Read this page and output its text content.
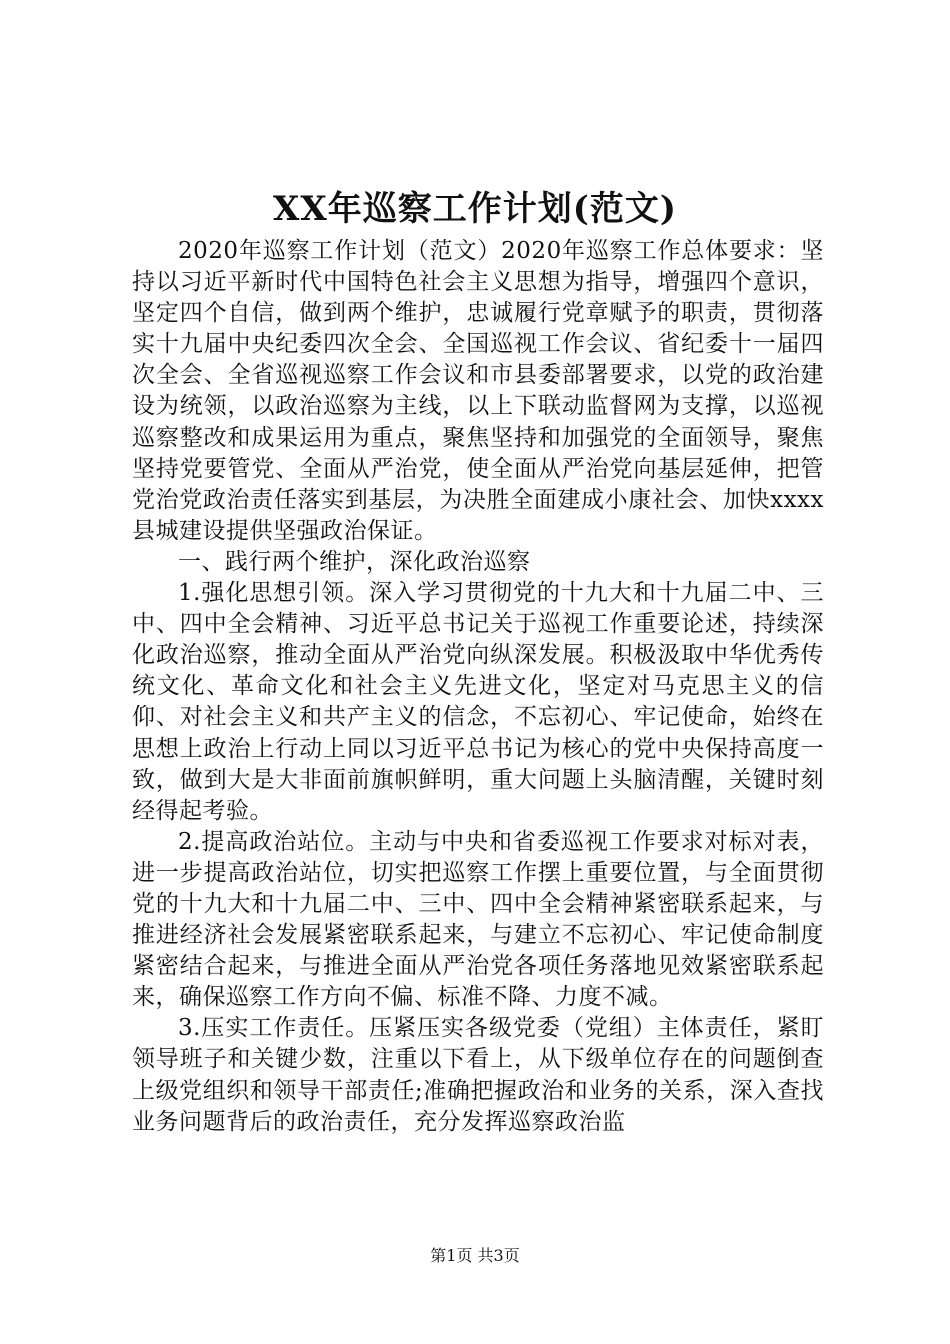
XX年巡察工作计划(范文)

2020年巡察工作计划（范文）2020年巡察工作总体要求：坚持以习近平新时代中国特色社会主义思想为指导，增强四个意识，坚定四个自信，做到两个维护，忠诚履行党章赋予的职责，贯彻落实十九届中央纪委四次全会、全国巡视工作会议、省纪委十一届四次全会、全省巡视巡察工作会议和市县委部署要求，以党的政治建设为统领，以政治巡察为主线，以上下联动监督网为支撑，以巡视巡察整改和成果运用为重点，聚焦坚持和加强党的全面领导，聚焦坚持党要管党、全面从严治党，使全面从严治党向基层延伸，把管党治党政治责任落实到基层，为决胜全面建成小康社会、加快xxxx县城建设提供坚强政治保证。

一、践行两个维护，深化政治巡察

1.强化思想引领。深入学习贯彻党的十九大和十九届二中、三中、四中全会精神、习近平总书记关于巡视工作重要论述，持续深化政治巡察，推动全面从严治党向纵深发展。积极汲取中华优秀传统文化、革命文化和社会主义先进文化，坚定对马克思主义的信仰、对社会主义和共产主义的信念，不忘初心、牢记使命，始终在思想上政治上行动上同以习近平总书记为核心的党中央保持高度一致，做到大是大非面前旗帜鲜明，重大问题上头脑清醒，关键时刻经得起考验。

2.提高政治站位。主动与中央和省委巡视工作要求对标对表，进一步提高政治站位，切实把巡察工作摆上重要位置，与全面贯彻党的十九大和十九届二中、三中、四中全会精神紧密联系起来，与推进经济社会发展紧密联系起来，与建立不忘初心、牢记使命制度紧密结合起来，与推进全面从严治党各项任务落地见效紧密联系起来，确保巡察工作方向不偏、标准不降、力度不减。

3.压实工作责任。压紧压实各级党委（党组）主体责任，紧盯领导班子和关键少数，注重以下看上，从下级单位存在的问题倒查上级党组织和领导干部责任;准确把握政治和业务的关系，深入查找业务问题背后的政治责任，充分发挥巡察政治监

第1页 共3页
